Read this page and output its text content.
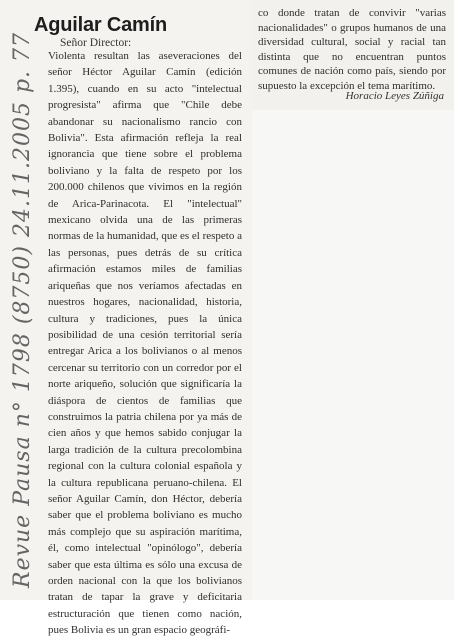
Revue Pausa n° 1798 (8750) 24.11.2005 p. 77
Aguilar Camín

Señor Director:

Violenta resultan las aseveraciones del señor Héctor Aguilar Camín (edición 1.395), cuando en su acto "intelectual progresista" afirma que "Chile debe abandonar su nacionalismo rancio con Bolivia". Esta afirmación refleja la real ignorancia que tiene sobre el problema boliviano y la falta de respeto por los 200.000 chilenos que vivimos en la región de Arica-Parinacota. El "intelectual" mexicano olvida una de las primeras normas de la humanidad, que es el respeto a las personas, pues detrás de su crítica afirmación estamos miles de familias ariqueñas que nos veríamos afectadas en nuestros hogares, nacionalidad, historia, cultura y tradiciones, pues la única posibilidad de una cesión territorial sería entregar Arica a los bolivianos o al menos cercenar su territorio con un corredor por el norte ariqueño, solución que significaría la diáspora de cientos de familias que construimos la patria chilena por ya más de cien años y que hemos sabido conjugar la larga tradición de la cultura precolombina regional con la cultura colonial española y la cultura republicana peruano-chilena. El señor Aguilar Camín, don Héctor, debería saber que el problema boliviano es mucho más complejo que su aspiración marítima, él, como intelectual "opinólogo", debería saber que esta última es sólo una excusa de orden nacional con la que los bolivianos tratan de tapar la grave y deficitaria estructuración que tienen como nación, pues Bolivia es un gran espacio geográfi-

co donde tratan de convivir "varias nacionalidades" o grupos humanos de una diversidad cultural, social y racial tan distinta que no encuentran puntos comunes de nación como país, siendo por supuesto la excepción el tema marítimo.

Horacio Leyes Zúñiga
